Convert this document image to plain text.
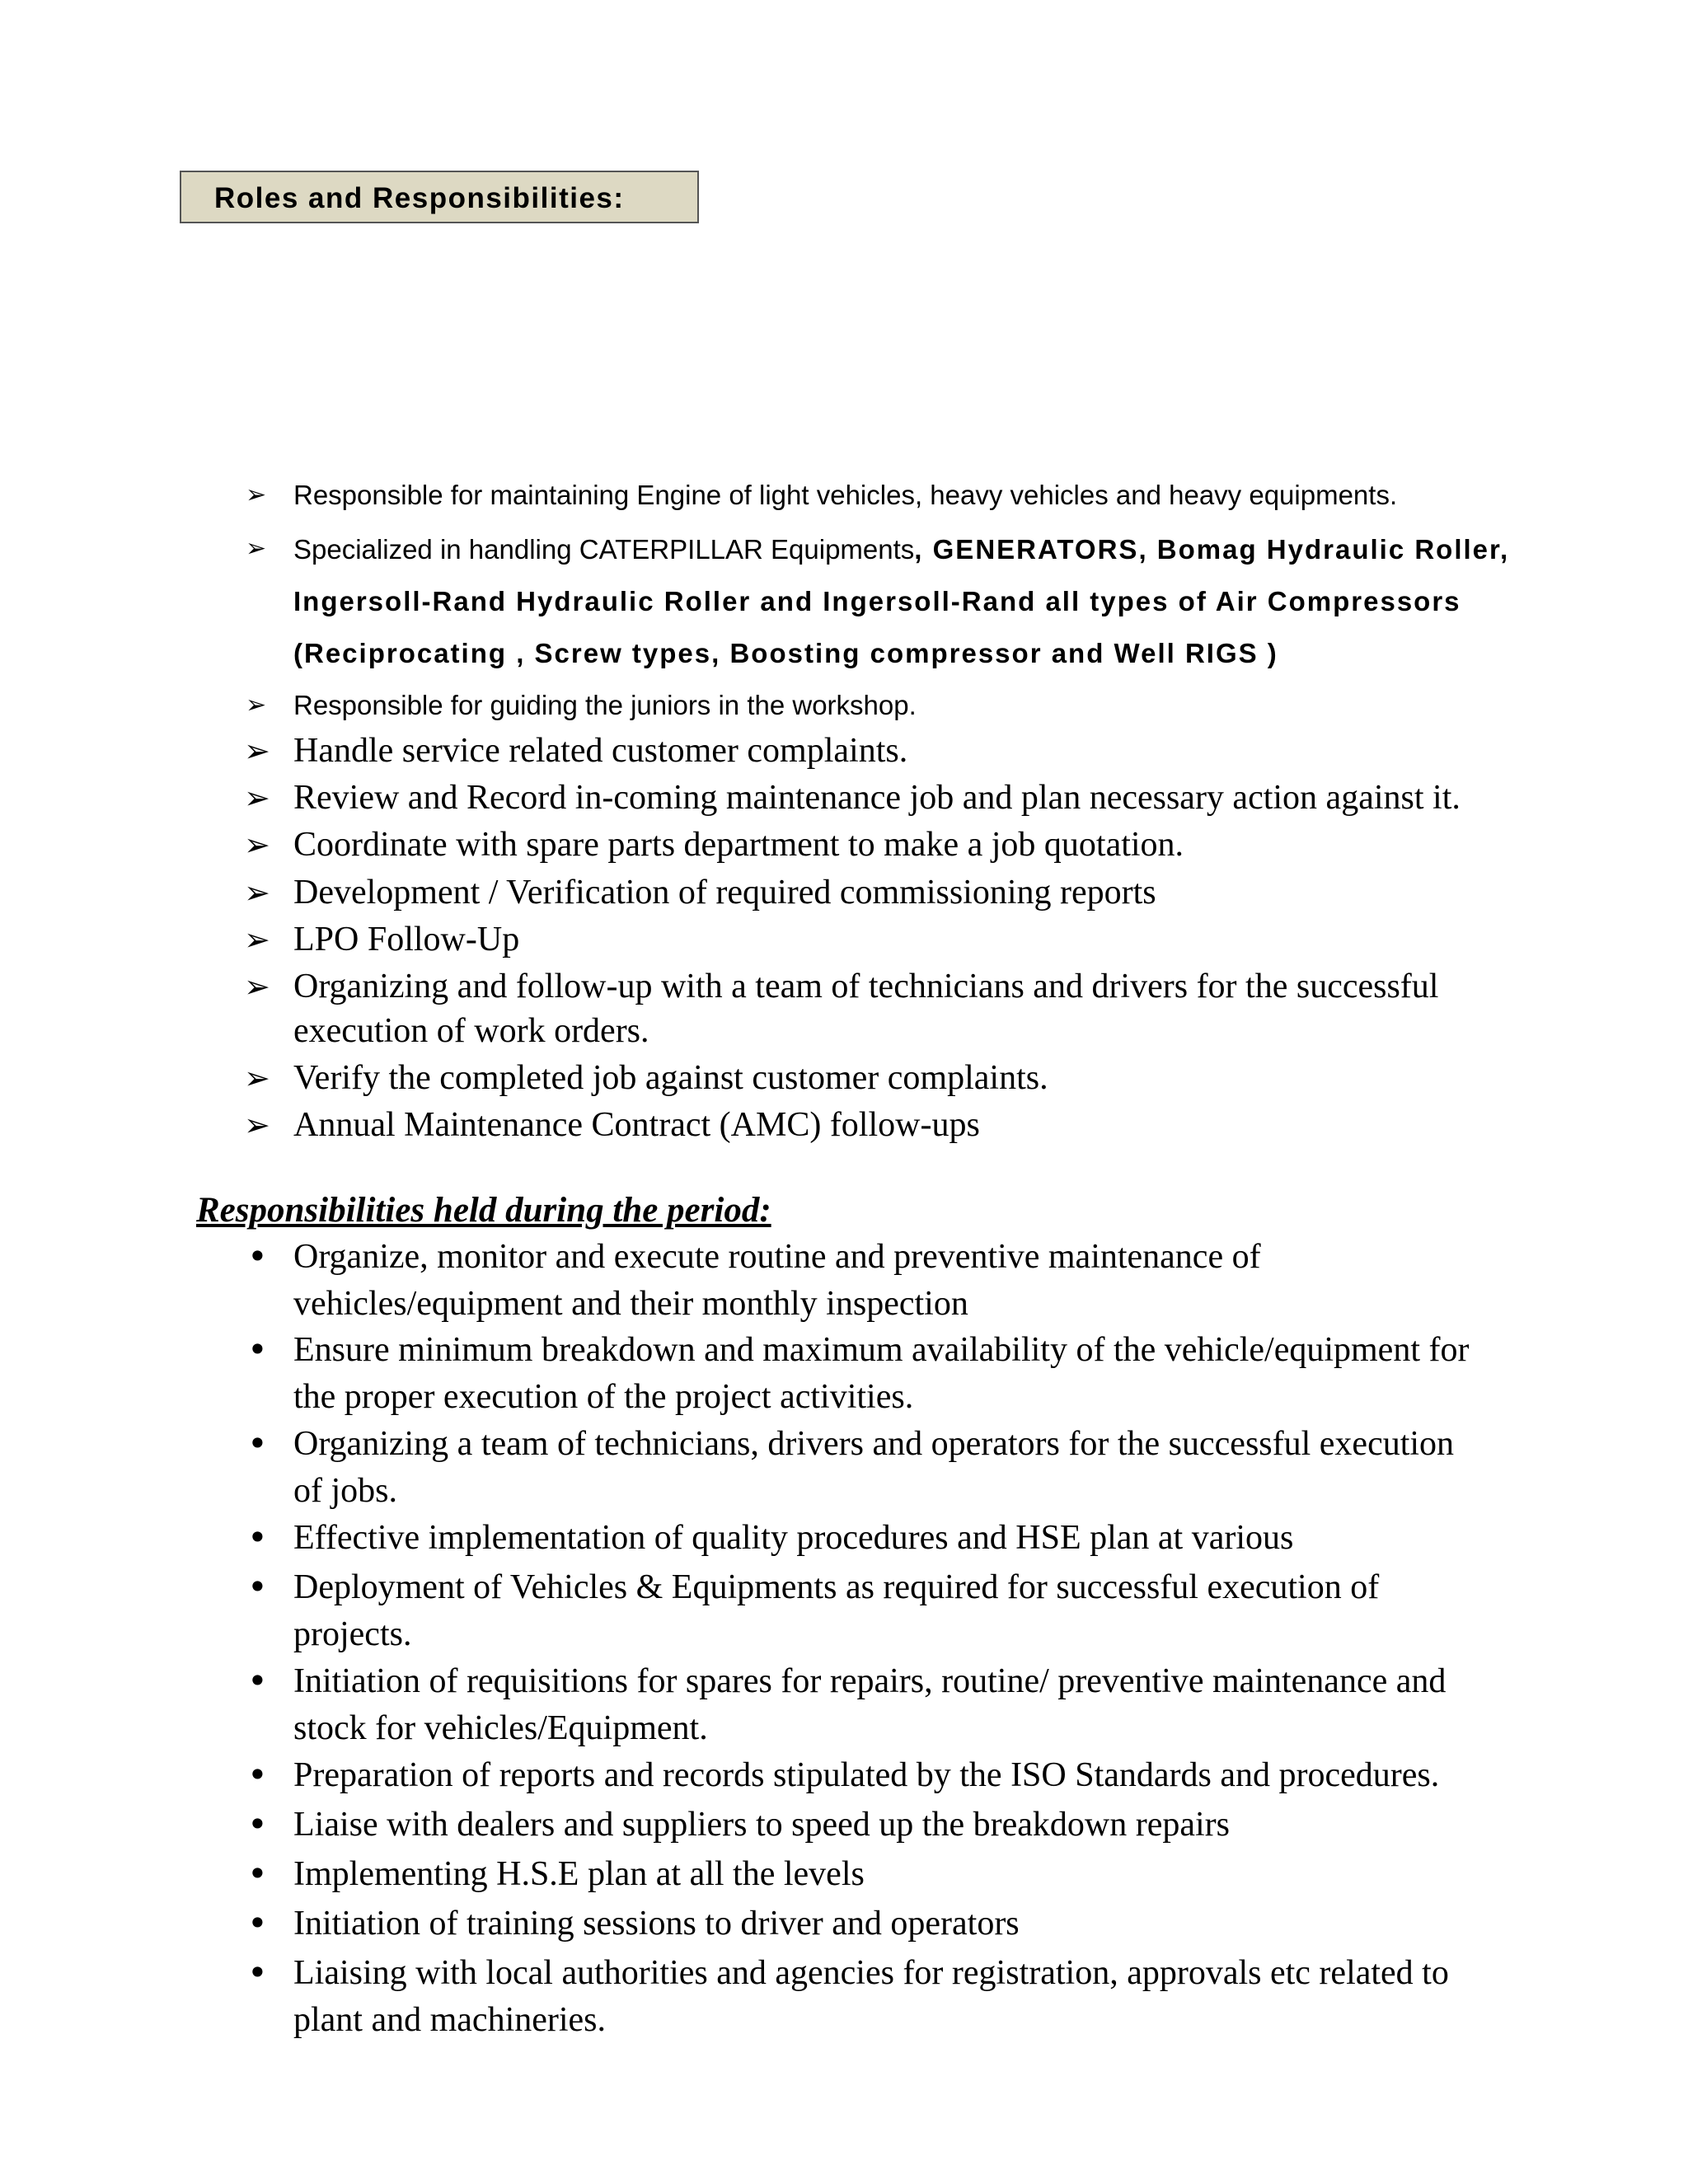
Roles and Responsibilities:
➢ Responsible for maintaining Engine of light vehicles, heavy vehicles and heavy equipments.
➢ Specialized in handling CATERPILLAR Equipments, GENERATORS, Bomag Hydraulic Roller, Ingersoll-Rand Hydraulic Roller and Ingersoll-Rand all types of Air Compressors (Reciprocating , Screw types, Boosting compressor and Well RIGS )
➢ Responsible for guiding the juniors in the workshop.
➢ Handle service related customer complaints.
➢ Review and Record in-coming maintenance job and plan necessary action against it.
➢ Coordinate with spare parts department to make a job quotation.
➢ Development / Verification of required commissioning reports
➢ LPO Follow-Up
➢ Organizing and follow-up with a team of technicians and drivers for the successful
execution of work orders.
➢ Verify the completed job against customer complaints.
➢ Annual Maintenance Contract (AMC) follow-ups
Responsibilities held during the period:
• Organize, monitor and execute routine and preventive maintenance of
vehicles/equipment and their monthly inspection
• Ensure minimum breakdown and maximum availability of the vehicle/equipment for
the proper execution of the project activities.
• Organizing a team of technicians, drivers and operators for the successful execution
of jobs.
• Effective implementation of quality procedures and HSE plan at various
• Deployment of Vehicles & Equipments as required for successful execution of
projects.
• Initiation of requisitions for spares for repairs, routine/ preventive maintenance and
stock for vehicles/Equipment.
• Preparation of reports and records stipulated by the ISO Standards and procedures.
• Liaise with dealers and suppliers to speed up the breakdown repairs
• Implementing H.S.E plan at all the levels
• Initiation of training sessions to driver and operators
• Liaising with local authorities and agencies for registration, approvals etc related to
plant and machineries.
